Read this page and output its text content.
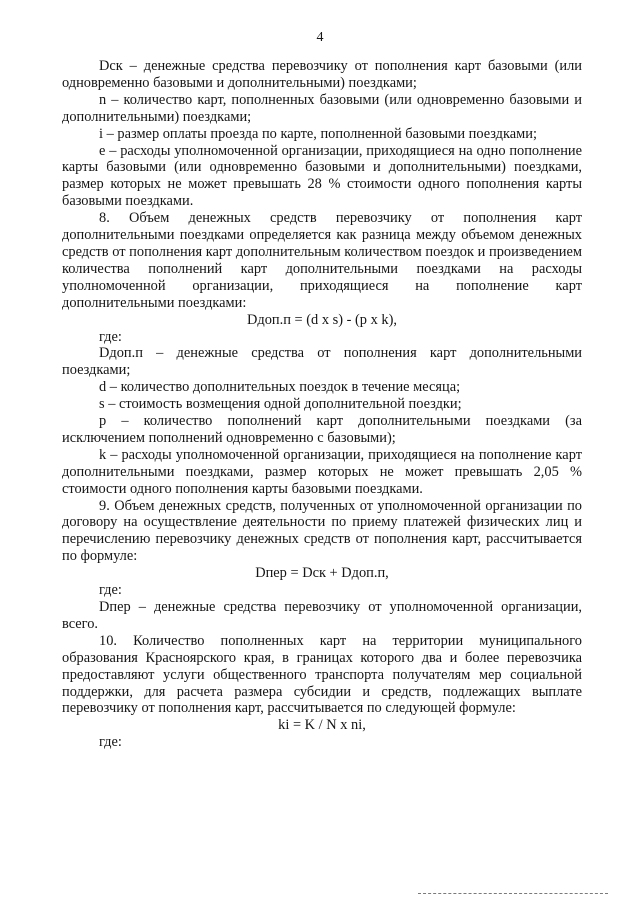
4

Dск – денежные средства перевозчику от пополнения карт базовыми (или одновременно базовыми и дополнительными) поездками;

n – количество карт, пополненных базовыми (или одновременно базовыми и дополнительными) поездками;

i – размер оплаты проезда по карте, пополненной базовыми поездками;

e – расходы уполномоченной организации, приходящиеся на одно пополнение карты базовыми (или одновременно базовыми и дополнительными) поездками, размер которых не может превышать 28 % стоимости одного пополнения карты базовыми поездками.

8. Объем денежных средств перевозчику от пополнения карт дополнительными поездками определяется как разница между объемом денежных средств от пополнения карт дополнительным количеством поездок и произведением количества пополнений карт дополнительными поездками на расходы уполномоченной организации, приходящиеся на пополнение карт дополнительными поездками:

Dдоп.п = (d x s) - (p x k),

где:

Dдоп.п – денежные средства от пополнения карт дополнительными поездками;

d – количество дополнительных поездок в течение месяца;

s – стоимость возмещения одной дополнительной поездки;

p – количество пополнений карт дополнительными поездками (за исключением пополнений одновременно с базовыми);

k – расходы уполномоченной организации, приходящиеся на пополнение карт дополнительными поездками, размер которых не может превышать 2,05 % стоимости одного пополнения карты базовыми поездками.

9. Объем денежных средств, полученных от уполномоченной организации по договору на осуществление деятельности по приему платежей физических лиц и перечислению перевозчику денежных средств от пополнения карт, рассчитывается по формуле:

Dпер = Dск + Dдоп.п,

где:

Dпер – денежные средства перевозчику от уполномоченной организации, всего.

10. Количество пополненных карт на территории муниципального образования Красноярского края, в границах которого два и более перевозчика предоставляют услуги общественного транспорта получателям мер социальной поддержки, для расчета размера субсидии и средств, подлежащих выплате перевозчику от пополнения карт, рассчитывается по следующей формуле:

ki = K / N x ni,

где:
